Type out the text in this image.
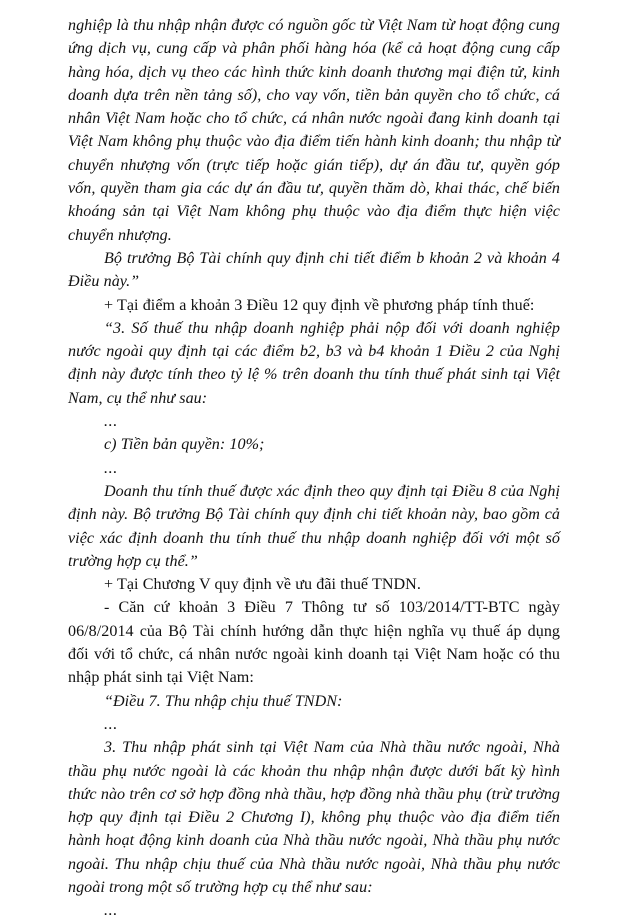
nghiệp là thu nhập nhận được có nguồn gốc từ Việt Nam từ hoạt động cung ứng dịch vụ, cung cấp và phân phối hàng hóa (kể cả hoạt động cung cấp hàng hóa, dịch vụ theo các hình thức kinh doanh thương mại điện tử, kinh doanh dựa trên nền tảng số), cho vay vốn, tiền bản quyền cho tổ chức, cá nhân Việt Nam hoặc cho tổ chức, cá nhân nước ngoài đang kinh doanh tại Việt Nam không phụ thuộc vào địa điểm tiến hành kinh doanh; thu nhập từ chuyển nhượng vốn (trực tiếp hoặc gián tiếp), dự án đầu tư, quyền góp vốn, quyền tham gia các dự án đầu tư, quyền thăm dò, khai thác, chế biến khoáng sản tại Việt Nam không phụ thuộc vào địa điểm thực hiện việc chuyển nhượng.

Bộ trưởng Bộ Tài chính quy định chi tiết điểm b khoản 2 và khoản 4 Điều này.”

+ Tại điểm a khoản 3 Điều 12 quy định về phương pháp tính thuế:

“3. Số thuế thu nhập doanh nghiệp phải nộp đối với doanh nghiệp nước ngoài quy định tại các điểm b2, b3 và b4 khoản 1 Điều 2 của Nghị định này được tính theo tỷ lệ % trên doanh thu tính thuế phát sinh tại Việt Nam, cụ thể như sau:

...

c) Tiền bản quyền: 10%;

...

Doanh thu tính thuế được xác định theo quy định tại Điều 8 của Nghị định này. Bộ trưởng Bộ Tài chính quy định chi tiết khoản này, bao gồm cả việc xác định doanh thu tính thuế thu nhập doanh nghiệp đối với một số trường hợp cụ thể.”

+ Tại Chương V quy định về ưu đãi thuế TNDN.

- Căn cứ khoản 3 Điều 7 Thông tư số 103/2014/TT-BTC ngày 06/8/2014 của Bộ Tài chính hướng dẫn thực hiện nghĩa vụ thuế áp dụng đối với tổ chức, cá nhân nước ngoài kinh doanh tại Việt Nam hoặc có thu nhập phát sinh tại Việt Nam:

“Điều 7. Thu nhập chịu thuế TNDN:

...

3. Thu nhập phát sinh tại Việt Nam của Nhà thầu nước ngoài, Nhà thầu phụ nước ngoài là các khoản thu nhập nhận được dưới bất kỳ hình thức nào trên cơ sở hợp đồng nhà thầu, hợp đồng nhà thầu phụ (trừ trường hợp quy định tại Điều 2 Chương I), không phụ thuộc vào địa điểm tiến hành hoạt động kinh doanh của Nhà thầu nước ngoài, Nhà thầu phụ nước ngoài. Thu nhập chịu thuế của Nhà thầu nước ngoài, Nhà thầu phụ nước ngoài trong một số trường hợp cụ thể như sau:

...
